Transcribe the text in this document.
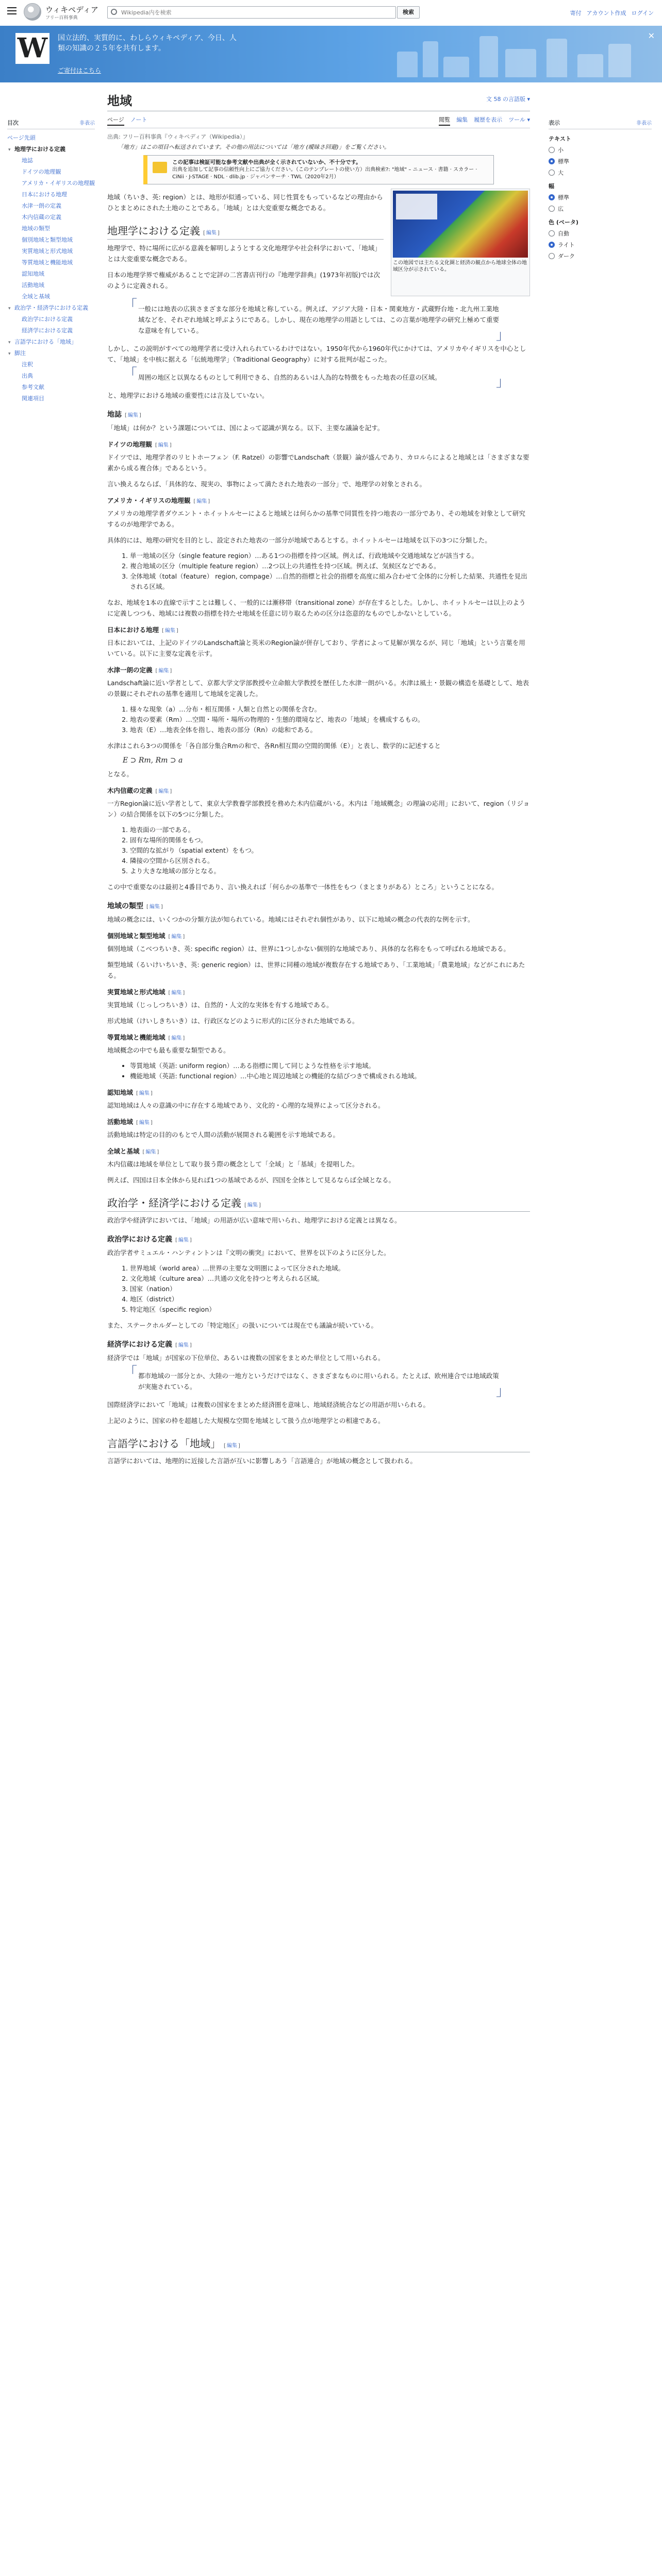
ウィキペディア
フリー百科事典
Wikipedia内を検索
検索	寄付 アカウント作成 ログイン
W 国立法的、実質的に、わしらウィキペディア、今日、人類の知識の２５年を共有します。
ご寄付はこちら
✕
目次	非表示
ページ先頭
▾ 地理学における定義
地誌
ドイツの地理観
アメリカ・イギリスの地理観
日本における地理
水津一朗の定義
木内信蔵の定義
地域の類型
個別地域と類型地域
実質地域と形式地域
等質地域と機能地域
認知地域
活動地域
全域と基域
▾ 政治学・経済学における定義
政治学における定義
経済学における定義
▾ 言語学における「地域」
▾ 脚注
注釈
出典
参考文献
関連項目
地域	文 58 の言語版 ▾
ページ ノート	閲覧 編集 履歴を表示 ツール ▾
出典: フリー百科事典『ウィキペディア（Wikipedia）』
「地方」はこの項目へ転送されています。その他の用法については「地方 (曖昧さ回避)」をご覧ください。
この記事は検証可能な参考文献や出典が全く示されていないか、不十分です。
出典を追加して記事の信頼性向上にご協力ください。（このテンプレートの使い方）出典検索?: "地域" – ニュース · 書籍 · スカラー · CiNii · J-STAGE · NDL · dlib.jp · ジャパンサーチ · TWL（2020年2月）

地域（ちいき、英: region）とは、地形が似通っている、同じ性質をもっているなどの理由からひとまとめにされた土地のことである。「地域」とは大変重要な概念である。

地理学における定義 [ 編集 ]

地理学で、特に場所に広がる意義を解明しようとする文化地理学や社会科学において、「地域」とは大変重要な概念である。

日本の地理学界で権威があることで定評の二宮書店刊行の『地理学辞典』(1973年初版)では次のように定義される。

この地図では主たる文化圏と経済の観点から地球全体の地域区分が示されている。
「 一般には地表の広狭さまざまな部分を地域と称している。例えば、アジア大陸・日本・関東地方・武蔵野台地・北九州工業地域などを、それぞれ地域と呼ぶようにである。しかし、現在の地理学の用語としては、この言葉が地理学の研究上極めて重要な意味を有している。 」

しかし、この説明がすべての地理学者に受け入れられているわけではない。1950年代から1960年代にかけては、アメリカやイギリスを中心として、「地域」を中核に据える「伝統地理学」（Traditional Geography）に対する批判が起こった。

「 周囲の地区と以異なるものとして利用できる、自然的あるいは人為的な特徴をもった地表の任意の区域。 」

と、地理学における地域の重要性には言及していない。

地誌 [ 編集 ]

「地域」は何か？という課題については、国によって認識が異なる。以下、主要な議論を記す。

ドイツの地理観 [ 編集 ]

ドイツでは、地理学者のリヒトホーフェン（F. Ratzel）の影響でLandschaft（景観）論が盛んであり、カロルらによると地域とは「さまざまな要素から成る複合体」であるという。

言い換えるならば、「具体的な、現実の、事物によって満たされた地表の一部分」で、地理学の対象とされる。

アメリカ・イギリスの地理観 [ 編集 ]

アメリカの地理学者ダウエント・ホイットルセーによると地域とは何らかの基準で同質性を持つ地表の一部分であり、その地域を対象として研究するのが地理学である。

具体的には、地理の研究を目的とし、設定された地表の一部分が地域であるとする。ホイットルセーは地域を以下の3つに分類した。

1. 単一地域の区分（single feature region）…ある1つの指標を持つ区域。例えば、行政地域や交通地域などが該当する。
2. 複合地域の区分（multiple feature region）…2つ以上の共通性を持つ区域。例えば、気候区などである。
3. 全体地域（total（feature） region, compage）…自然的指標と社会的指標を高度に組み合わせて全体的に分析した結果、共通性を見出される区域。

なお、地域を1本の直線で示すことは難しく、一般的には漸移帯（transitional zone）が存在するとした。しかし、ホイットルセーは以上のように定義しつつも、地域には複数の指標を持たせ地域を任意に切り取るための区分は恣意的なものでしかないとしている。

日本における地理 [ 編集 ]

日本においては、上記のドイツのLandschaft論と英米のRegion論が併存しており、学者によって見解が異なるが、同じ「地域」という言葉を用いている。以下に主要な定義を示す。

水津一朗の定義 [ 編集 ]

Landschaft論に近い学者として、京都大学文学部教授や立命館大学教授を歴任した水津一朗がいる。水津は風土・景観の構造を基礎として、地表の景観にそれぞれの基準を適用して地域を定義した。

1. 様々な現象（a）…分布・相互関係・人類と自然との関係を含む。
2. 地表の要素（Rm）…空間・場所・場所の物理的・生態的環境など、地表の「地域」を構成するもの。
3. 地表（E）…地表全体を指し、地表の部分（Rn）の総和である。

水津はこれら3つの関係を「各自部分集合Rmの和で、各Rn相互間の空間的関係（E）」と表し、数学的に記述すると

E ⊃ Rm, Rm ⊃ a

となる。

木内信蔵の定義 [ 編集 ]

一方Region論に近い学者として、東京大学教養学部教授を務めた木内信蔵がいる。木内は「地域概念」の理論の応用」において、region（リジョン）の結合関係を以下の5つに分類した。

1. 地表面の一部である。
2. 固有な場所的関係をもつ。
3. 空間的な拡がり（spatial extent）をもつ。
4. 隣接の空間から区別される。
5. より大きな地域の部分となる。

この中で重要なのは最初と4番目であり、言い換えれば「何らかの基準で一体性をもつ（まとまりがある）ところ」ということになる。

地域の類型 [ 編集 ]

地域の概念には、いくつかの分類方法が知られている。地域にはそれぞれ個性があり、以下に地域の概念の代表的な例を示す。

個別地域と類型地域 [ 編集 ]

個別地域（こべつちいき、英: specific region）は、世界に1つしかない個別的な地域であり、具体的な名称をもって呼ばれる地域である。

類型地域（るいけいちいき、英: generic region）は、世界に同種の地域が複数存在する地域であり、「工業地域」「農業地域」などがこれにあたる。

実質地域と形式地域 [ 編集 ]

実質地域（じっしつちいき）は、自然的・人文的な実体を有する地域である。

形式地域（けいしきちいき）は、行政区などのように形式的に区分された地域である。

等質地域と機能地域 [ 編集 ]

地域概念の中でも最も重要な類型である。

• 等質地域（英語: uniform region）…ある指標に関して同じような性格を示す地域。
• 機能地域（英語: functional region）…中心地と周辺地域との機能的な結びつきで構成される地域。
認知地域 [ 編集 ]

認知地域は人々の意識の中に存在する地域であり、文化的・心理的な境界によって区分される。

活動地域 [ 編集 ]

活動地域は特定の目的のもとで人間の活動が展開される範囲を示す地域である。

全域と基域 [ 編集 ]

木内信蔵は地域を単位として取り扱う際の概念として「全域」と「基域」を提唱した。

例えば、四国は日本全体から見れば1つの基域であるが、四国を全体として見るならば全域となる。

政治学・経済学における定義 [ 編集 ]

政治学や経済学においては、「地域」の用語が広い意味で用いられ、地理学における定義とは異なる。

政治学における定義 [ 編集 ]

政治学者サミュエル・ハンティントンは『文明の衝突』において、世界を以下のように区分した。

1. 世界地域（world area）…世界の主要な文明圏によって区分された地域。
2. 文化地域（culture area）…共通の文化を持つと考えられる区域。
3. 国家（nation）
4. 地区（district）
5. 特定地区（specific region）

また、ステークホルダーとしての「特定地区」の扱いについては現在でも議論が続いている。

経済学における定義 [ 編集 ]

経済学では「地域」が国家の下位単位、あるいは複数の国家をまとめた単位として用いられる。

「 都市地域の一部分とか、大陸の一地方というだけではなく、さまざまなものに用いられる。たとえば、欧州連合では地域政策が実施されている。 」

国際経済学において「地域」は複数の国家をまとめた経済圏を意味し、地域経済統合などの用語が用いられる。

上記のように、国家の枠を超越した大規模な空間を地域として扱う点が地理学との相違である。

言語学における「地域」 [ 編集 ]

言語学においては、地理的に近接した言語が互いに影響しあう「言語連合」が地域の概念として扱われる。

表示	非表示
テキスト
小
標準
大
幅
標準
広
色 (ベータ)
自動
ライト
ダーク
